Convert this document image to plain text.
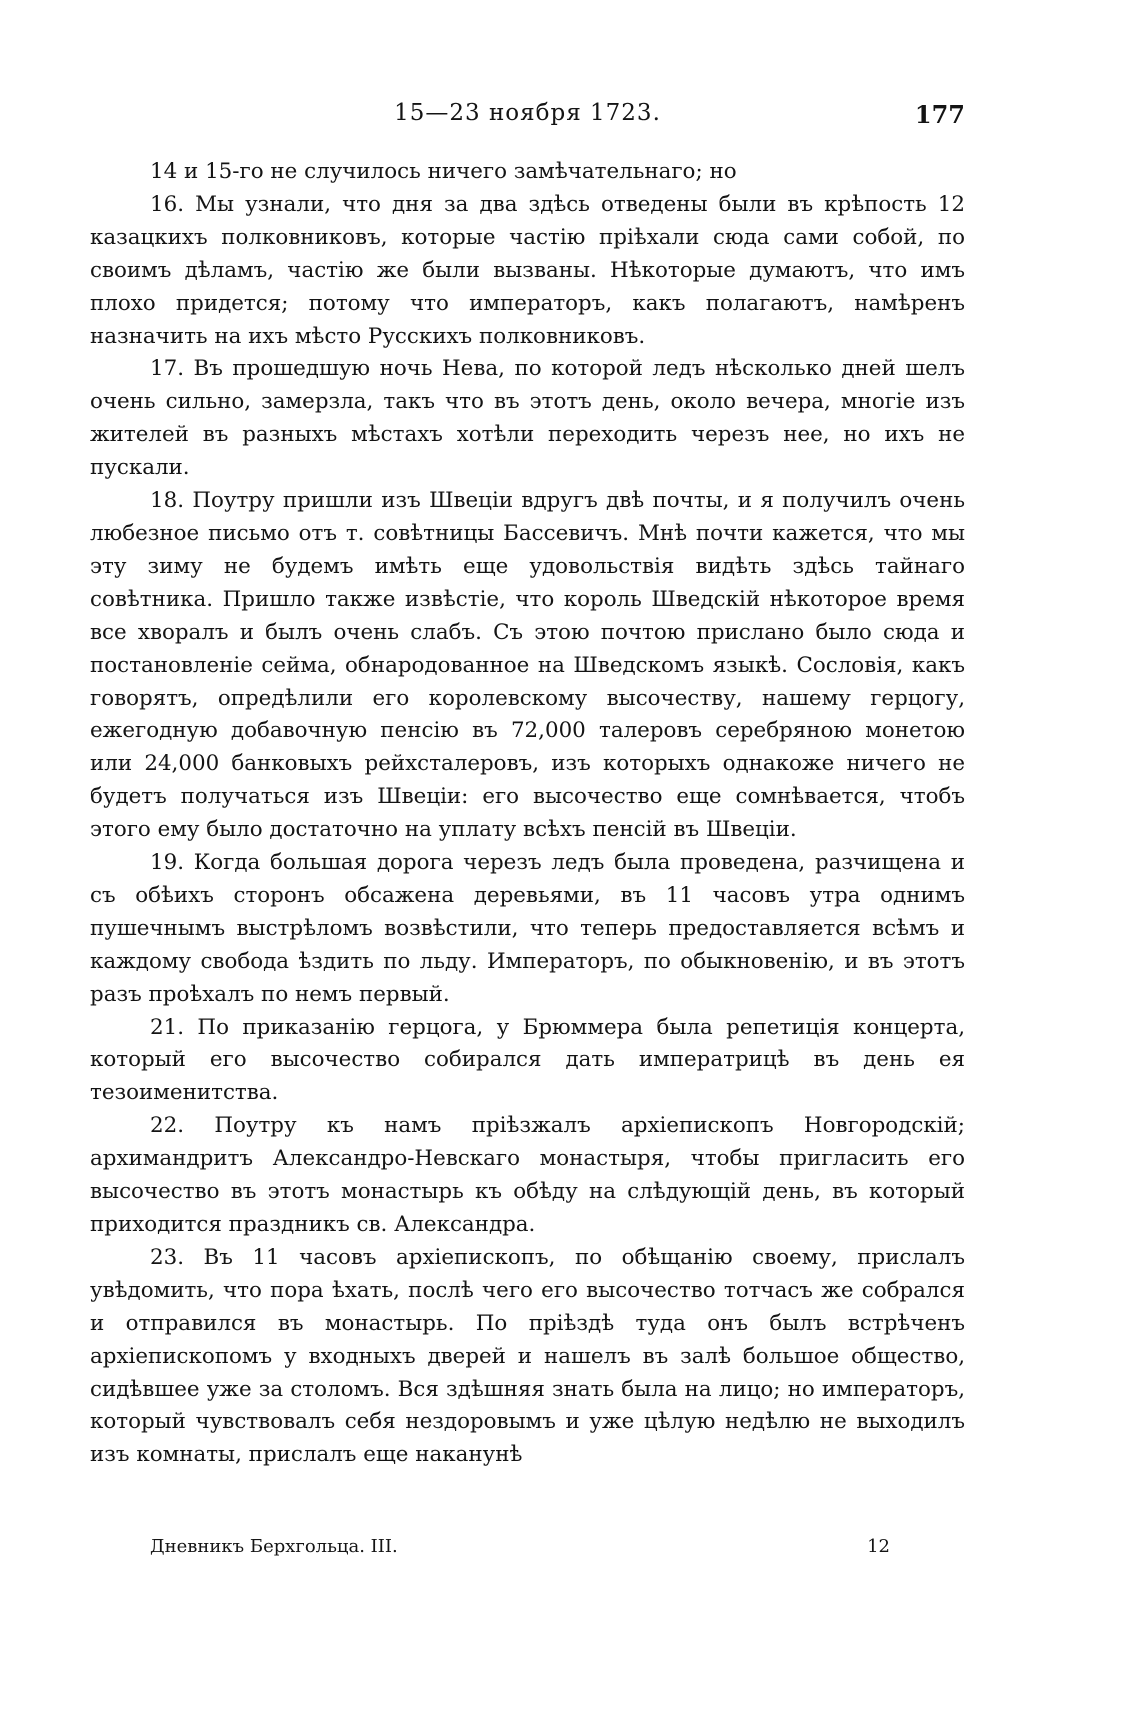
15—23 ноября 1723.	177

14 и 15-го не случилось ничего замѣчательнаго; но

16. Мы узнали, что дня за два здѣсь отведены были въ крѣпость 12 казацкихъ полковниковъ, которые частію пріѣхали сюда сами собой, по своимъ дѣламъ, частію же были вызваны. Нѣкоторые думаютъ, что имъ плохо придется; потому что императоръ, какъ полагаютъ, намѣренъ назначить на ихъ мѣсто Русскихъ полковниковъ.

17. Въ прошедшую ночь Нева, по которой ледъ нѣсколько дней шелъ очень сильно, замерзла, такъ что въ этотъ день, около вечера, многіе изъ жителей въ разныхъ мѣстахъ хотѣли переходить черезъ нее, но ихъ не пускали.

18. Поутру пришли изъ Швеціи вдругъ двѣ почты, и я получилъ очень любезное письмо отъ т. совѣтницы Бассевичъ. Мнѣ почти кажется, что мы эту зиму не будемъ имѣть еще удовольствія видѣть здѣсь тайнаго совѣтника. Пришло также извѣстіе, что король Шведскій нѣкоторое время все хворалъ и былъ очень слабъ. Съ этою почтою прислано было сюда и постановленіе сейма, обнародованное на Шведскомъ языкѣ. Сословія, какъ говорятъ, опредѣлили его королевскому высочеству, нашему герцогу, ежегодную добавочную пенсію въ 72,000 талеровъ серебряною монетою или 24,000 банковыхъ рейхсталеровъ, изъ которыхъ однакоже ничего не будетъ получаться изъ Швеціи: его высочество еще сомнѣвается, чтобъ этого ему было достаточно на уплату всѣхъ пенсій въ Швеціи.

19. Когда большая дорога черезъ ледъ была проведена, разчищена и съ обѣихъ сторонъ обсажена деревьями, въ 11 часовъ утра однимъ пушечнымъ выстрѣломъ возвѣстили, что теперь предоставляется всѣмъ и каждому свобода ѣздить по льду. Императоръ, по обыкновенію, и въ этотъ разъ проѣхалъ по немъ первый.

21. По приказанію герцога, у Брюммера была репетиція концерта, который его высочество собирался дать императрицѣ въ день ея тезоименитства.

22. Поутру къ намъ пріѣзжалъ архіепископъ Новгородскій; архимандритъ Александро-Невскаго монастыря, чтобы пригласить его высочество въ этотъ монастырь къ обѣду на слѣдующій день, въ который приходится праздникъ св. Александра.

23. Въ 11 часовъ архіепископъ, по обѣщанію своему, прислалъ увѣдомить, что пора ѣхать, послѣ чего его высочество тотчасъ же собрался и отправился въ монастырь. По пріѣздѣ туда онъ былъ встрѣченъ архіепископомъ у входныхъ дверей и нашелъ въ залѣ большое общество, сидѣвшее уже за столомъ. Вся здѣшняя знать была на лицо; но императоръ, который чувствовалъ себя нездоровымъ и уже цѣлую недѣлю не выходилъ изъ комнаты, прислалъ еще наканунѣ

Дневникъ Берхгольца. III.	12
